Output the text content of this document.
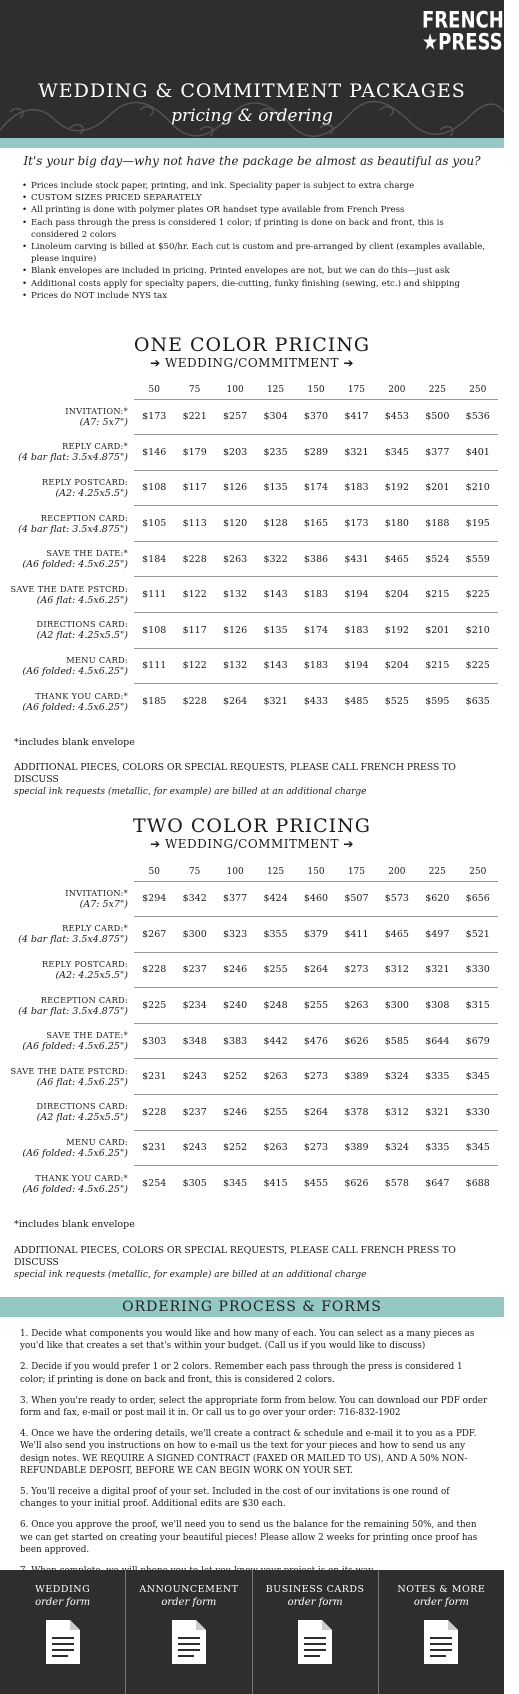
FRENCH
★PRESS★
WEDDING & COMMITMENT PACKAGES
pricing & ordering
It's your big day—why not have the package be almost as beautiful as you?
• Prices include stock paper, printing, and ink. Speciality paper is subject to extra charge
• CUSTOM SIZES PRICED SEPARATELY
• All printing is done with polymer plates OR handset type available from French Press
• Each pass through the press is considered 1 color; if printing is done on back and front, this is considered 2 colors
• Linoleum carving is billed at $50/hr. Each cut is custom and pre-arranged by client (examples available, please inquire)
• Blank envelopes are included in pricing. Printed envelopes are not, but we can do this—just ask
• Additional costs apply for specialty papers, die-cutting, funky finishing (sewing, etc.) and shipping
• Prices do NOT include NYS tax
ONE COLOR PRICING
➔ WEDDING/COMMITMENT ➔
	50	75	100	125	150	175	200	225	250

INVITATION:*
(A7: 5x7")	$173	$221	$257	$304	$370	$417	$453	$500	$536

REPLY CARD:*
(4 bar flat: 3.5x4.875")	$146	$179	$203	$235	$289	$321	$345	$377	$401

REPLY POSTCARD:
(A2: 4.25x5.5")	$108	$117	$126	$135	$174	$183	$192	$201	$210

RECEPTION CARD:
(4 bar flat: 3.5x4.875")	$105	$113	$120	$128	$165	$173	$180	$188	$195

SAVE THE DATE:*
(A6 folded: 4.5x6.25")	$184	$228	$263	$322	$386	$431	$465	$524	$559

SAVE THE DATE PSTCRD:
(A6 flat: 4.5x6.25")	$111	$122	$132	$143	$183	$194	$204	$215	$225

DIRECTIONS CARD:
(A2 flat: 4.25x5.5")	$108	$117	$126	$135	$174	$183	$192	$201	$210

MENU CARD:
(A6 folded: 4.5x6.25")	$111	$122	$132	$143	$183	$194	$204	$215	$225

THANK YOU CARD:*
(A6 folded: 4.5x6.25")	$185	$228	$264	$321	$433	$485	$525	$595	$635
*includes blank envelope
ADDITIONAL PIECES, COLORS OR SPECIAL REQUESTS, PLEASE CALL FRENCH PRESS TO DISCUSS
special ink requests (metallic, for example) are billed at an additional charge
TWO COLOR PRICING
➔ WEDDING/COMMITMENT ➔
	50	75	100	125	150	175	200	225	250

INVITATION:*
(A7: 5x7")	$294	$342	$377	$424	$460	$507	$573	$620	$656

REPLY CARD:*
(4 bar flat: 3.5x4.875")	$267	$300	$323	$355	$379	$411	$465	$497	$521

REPLY POSTCARD:
(A2: 4.25x5.5")	$228	$237	$246	$255	$264	$273	$312	$321	$330

RECEPTION CARD:
(4 bar flat: 3.5x4.875")	$225	$234	$240	$248	$255	$263	$300	$308	$315

SAVE THE DATE:*
(A6 folded: 4.5x6.25")	$303	$348	$383	$442	$476	$626	$585	$644	$679

SAVE THE DATE PSTCRD:
(A6 flat: 4.5x6.25")	$231	$243	$252	$263	$273	$389	$324	$335	$345

DIRECTIONS CARD:
(A2 flat: 4.25x5.5")	$228	$237	$246	$255	$264	$378	$312	$321	$330

MENU CARD:
(A6 folded: 4.5x6.25")	$231	$243	$252	$263	$273	$389	$324	$335	$345

THANK YOU CARD:*
(A6 folded: 4.5x6.25")	$254	$305	$345	$415	$455	$626	$578	$647	$688
*includes blank envelope
ADDITIONAL PIECES, COLORS OR SPECIAL REQUESTS, PLEASE CALL FRENCH PRESS TO DISCUSS
special ink requests (metallic, for example) are billed at an additional charge
ORDERING PROCESS & FORMS

1. Decide what components you would like and how many of each. You can select as a many pieces as you'd like that creates a set that's within your budget. (Call us if you would like to discuss)

2. Decide if you would prefer 1 or 2 colors. Remember each pass through the press is considered 1 color; if printing is done on back and front, this is considered 2 colors.

3. When you're ready to order, select the appropriate form from below. You can download our PDF order form and fax, e-mail or post mail it in. Or call us to go over your order: 716-832-1902

4. Once we have the ordering details, we'll create a contract & schedule and e-mail it to you as a PDF. We'll also send you instructions on how to e-mail us the text for your pieces and how to send us any design notes. WE REQUIRE A SIGNED CONTRACT (FAXED OR MAILED TO US), AND A 50% NON-REFUNDABLE DEPOSIT, BEFORE WE CAN BEGIN WORK ON YOUR SET.

5. You'll receive a digital proof of your set. Included in the cost of our invitations is one round of changes to your initial proof. Additional edits are $30 each.

6. Once you approve the proof, we'll need you to send us the balance for the remaining 50%, and then we can get started on creating your beautiful pieces! Please allow 2 weeks for printing once proof has been approved.

WEDDING
order form
ANNOUNCEMENT
order form
BUSINESS CARDS
order form
NOTES & MORE
order form
